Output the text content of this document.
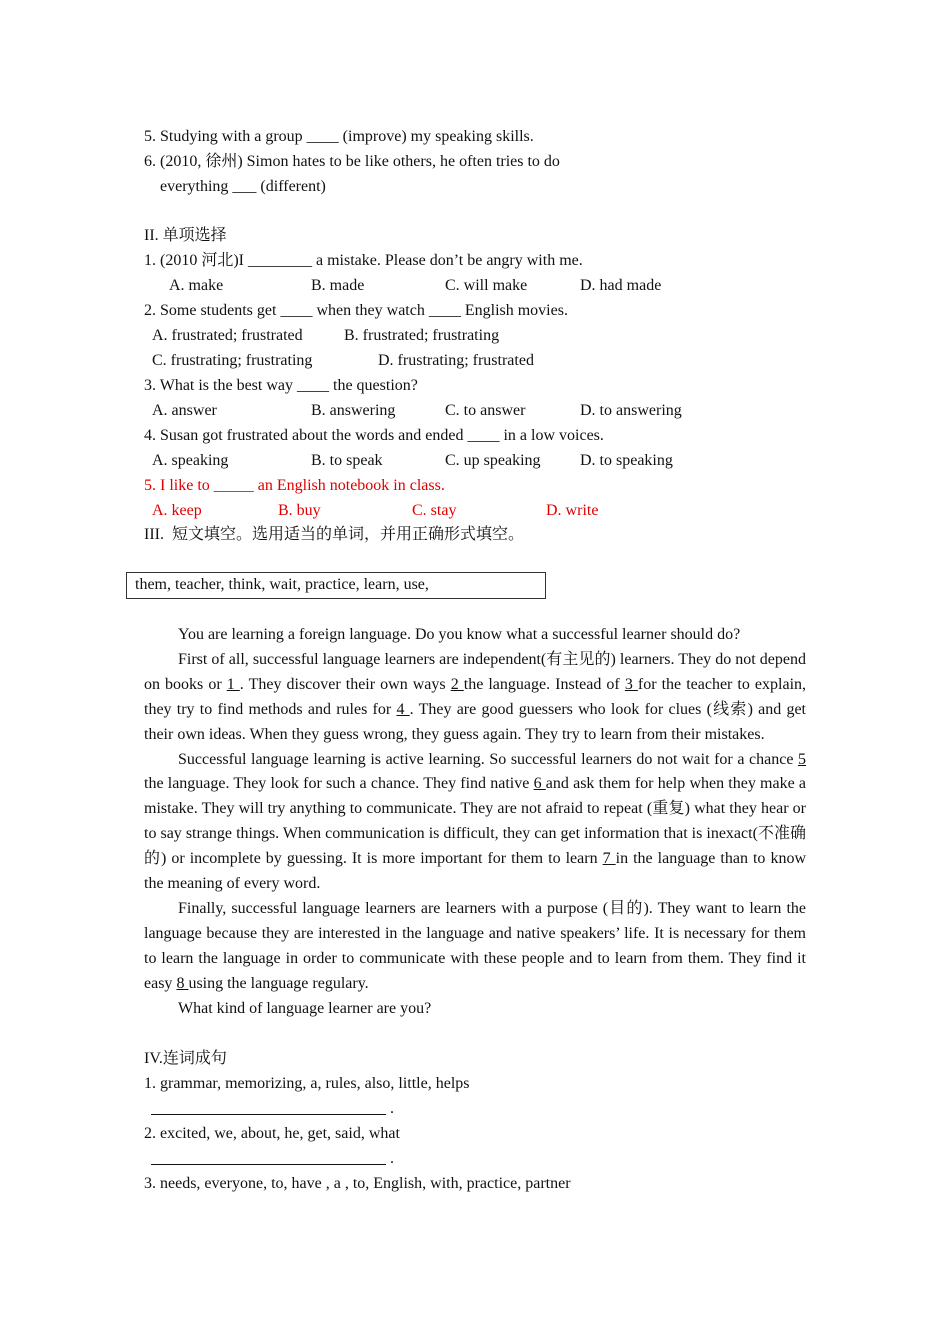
5. Studying with a group ____ (improve) my speaking skills.
6. (2010, 徐州) Simon hates to be like others, he often tries to do
everything ___ (different)
II. 单项选择
1. (2010 河北)I ________ a mistake. Please don’t be angry with me.
A. make	B. made	C. will make	D. had made
2. Some students get ____ when they watch ____ English movies.
A. frustrated; frustrated	B. frustrated; frustrating
C. frustrating; frustrating	D. frustrating; frustrated
3. What is the best way ____ the question?
A. answer	B. answering	C. to answer	D. to answering
4. Susan got frustrated about the words and ended ____ in a low voices.
A. speaking	B. to speak	C. up speaking D. to speaking
5. I like to _____ an English notebook in class.
A. keep	B. buy	C. stay	D. write
III.  短文填空。选用适当的单词，并用正确形式填空。
them, teacher, think, wait, practice, learn, use,
You are learning a foreign language. Do you know what a successful learner should do?
First of all, successful language learners are independent(有主见的) learners. They do not depend on books or 1 . They discover their own ways 2 the language. Instead of 3 for the teacher to explain, they try to find methods and rules for 4 . They are good guessers who look for clues (线索) and get their own ideas. When they guess wrong, they guess again. They try to learn from their mistakes.
Successful language learning is active learning. So successful learners do not wait for a chance 5 the language. They look for such a chance. They find native 6 and ask them for help when they make a mistake. They will try anything to communicate. They are not afraid to repeat (重复) what they hear or to say strange things. When communication is difficult, they can get information that is inexact(不准确的) or incomplete by guessing. It is more important for them to learn 7 in the language than to know the meaning of every word.
Finally, successful language learners are learners with a purpose (目的). They want to learn the language because they are interested in the language and native speakers’ life. It is necessary for them to learn the language in order to communicate with these people and to learn from them. They find it easy 8 using the language regulary.
What kind of language learner are you?
IV.连词成句
1. grammar, memorizing, a, rules, also, little, helps
.
2. excited, we, about, he, get, said, what
.
3. needs, everyone, to, have , a , to, English, with, practice, partner
